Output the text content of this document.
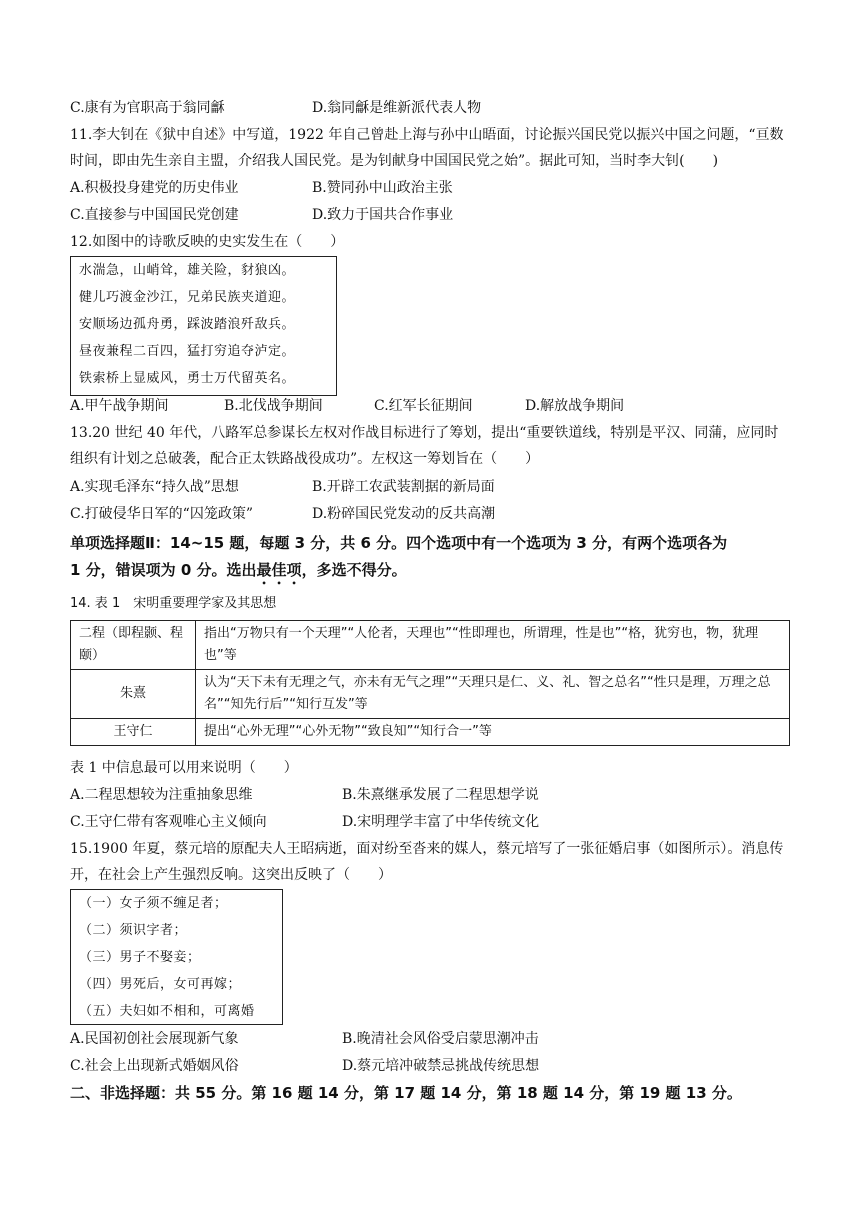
C.康有为官职高于翁同龢	D.翁同龢是维新派代表人物
11.李大钊在《狱中自述》中写道，1922 年自己曾赴上海与孙中山晤面，讨论振兴国民党以振兴中国之问题，“亘数时间，即由先生亲自主盟，介绍我人国民党。是为钊献身中国国民党之始”。据此可知，当时李大钊(　　)
A.积极投身建党的历史伟业	B.赞同孙中山政治主张
C.直接参与中国国民党创建	D.致力于国共合作事业
12.如图中的诗歌反映的史实发生在（　　）
水湍急，山峭耸，雄关险，豺狼凶。
健儿巧渡金沙江，兄弟民族夹道迎。
安顺场边孤舟勇，踩波踏浪歼敌兵。
昼夜兼程二百四，猛打穷追夺泸定。
铁索桥上显威风，勇士万代留英名。
A.甲午战争期间	B.北伐战争期间	C.红军长征期间	D.解放战争期间
13.20 世纪 40 年代，八路军总参谋长左权对作战目标进行了筹划，提出“重要铁道线，特别是平汉、同蒲，应同时组织有计划之总破袭，配合正太铁路战役成功”。左权这一筹划旨在（　　）
A.实现毛泽东“持久战”思想	B.开辟工农武装割据的新局面
C.打破侵华日军的“囚笼政策”	D.粉碎国民党发动的反共高潮
单项选择题Ⅱ：14~15 题，每题 3 分，共 6 分。四个选项中有一个选项为 3 分，有两个选项各为
1 分，错误项为 0 分。选出最佳项，多选不得分。
14. 表 1　宋明重要理学家及其思想
二程（即程颢、程颐）	指出“万物只有一个天理”“人伦者，天理也”“性即理也，所谓理，性是也”“格，犹穷也，物，犹理也”等
朱熹	认为“天下未有无理之气，亦未有无气之理”“天理只是仁、义、礼、智之总名”“性只是理，万理之总名”“知先行后”“知行互发”等
王守仁	提出“心外无理”“心外无物”“致良知”“知行合一”等
表 1 中信息最可以用来说明（　　）
A.二程思想较为注重抽象思维	B.朱熹继承发展了二程思想学说
C.王守仁带有客观唯心主义倾向	D.宋明理学丰富了中华传统文化
15.1900 年夏，蔡元培的原配夫人王昭病逝，面对纷至沓来的媒人，蔡元培写了一张征婚启事（如图所示）。消息传开，在社会上产生强烈反响。这突出反映了（　　）
（一）女子须不缠足者；
（二）须识字者；
（三）男子不娶妾；
（四）男死后，女可再嫁；
（五）夫妇如不相和，可离婚
A.民国初创社会展现新气象	B.晚清社会风俗受启蒙思潮冲击
C.社会上出现新式婚姻风俗	D.蔡元培冲破禁忌挑战传统思想
二、非选择题：共 55 分。第 16 题 14 分，第 17 题 14 分，第 18 题 14 分，第 19 题 13 分。
